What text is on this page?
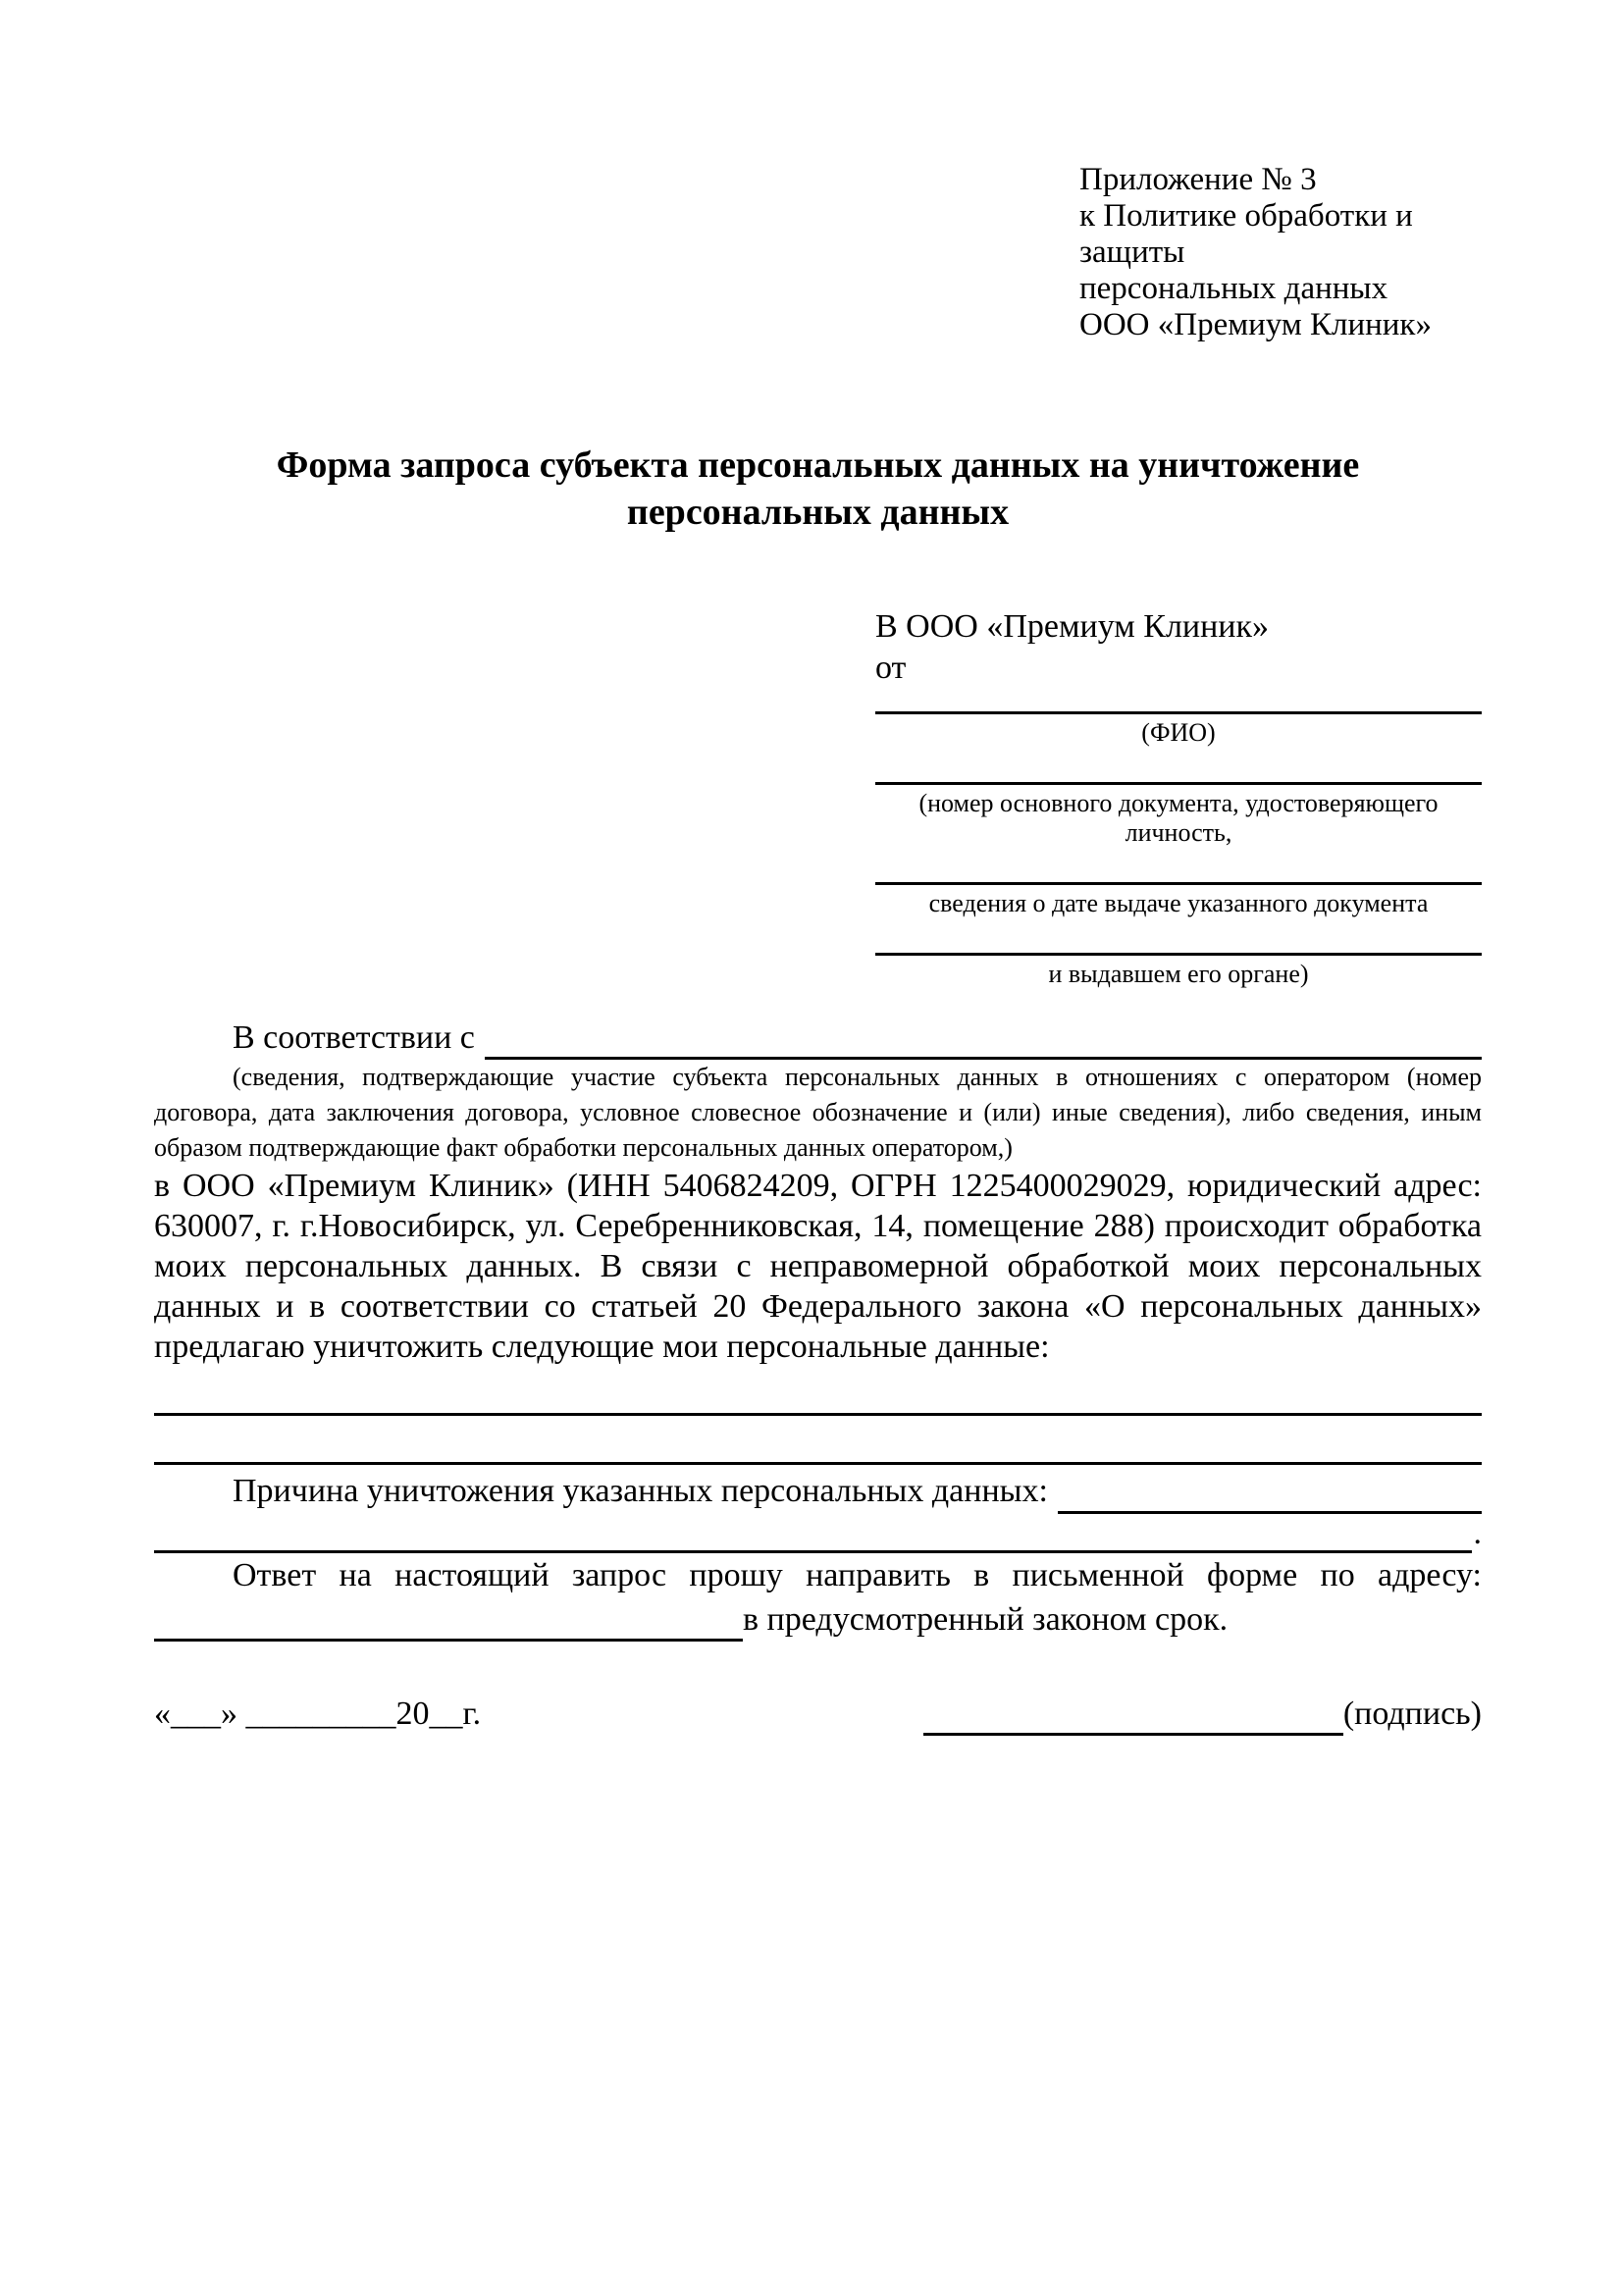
Приложение № 3
к Политике обработки и защиты
персональных данных
ООО «Премиум Клиник»
Форма запроса субъекта персональных данных на уничтожение персональных данных
В ООО «Премиум Клиник»
от
(ФИО)
(номер основного документа, удостоверяющего личность,
сведения о дате выдаче указанного документа
и выдавшем его органе)
В соответствии с

(сведения, подтверждающие участие субъекта персональных данных в отношениях с оператором (номер договора, дата заключения договора, условное словесное обозначение и (или) иные сведения), либо сведения, иным образом подтверждающие факт обработки персональных данных оператором,)

в ООО «Премиум Клиник» (ИНН 5406824209, ОГРН 1225400029029, юридический адрес: 630007, г. г.Новосибирск, ул. Серебренниковская, 14, помещение 288) происходит обработка моих персональных данных. В связи с неправомерной обработкой моих персональных данных и в соответствии со статьей 20 Федерального закона «О персональных данных» предлагаю уничтожить следующие мои персональные данные:

Причина уничтожения указанных персональных данных:
.

Ответ на настоящий запрос прошу направить в письменной форме по адресу:

в предусмотренный законом срок.
«___» _________20__г.	(подпись)
